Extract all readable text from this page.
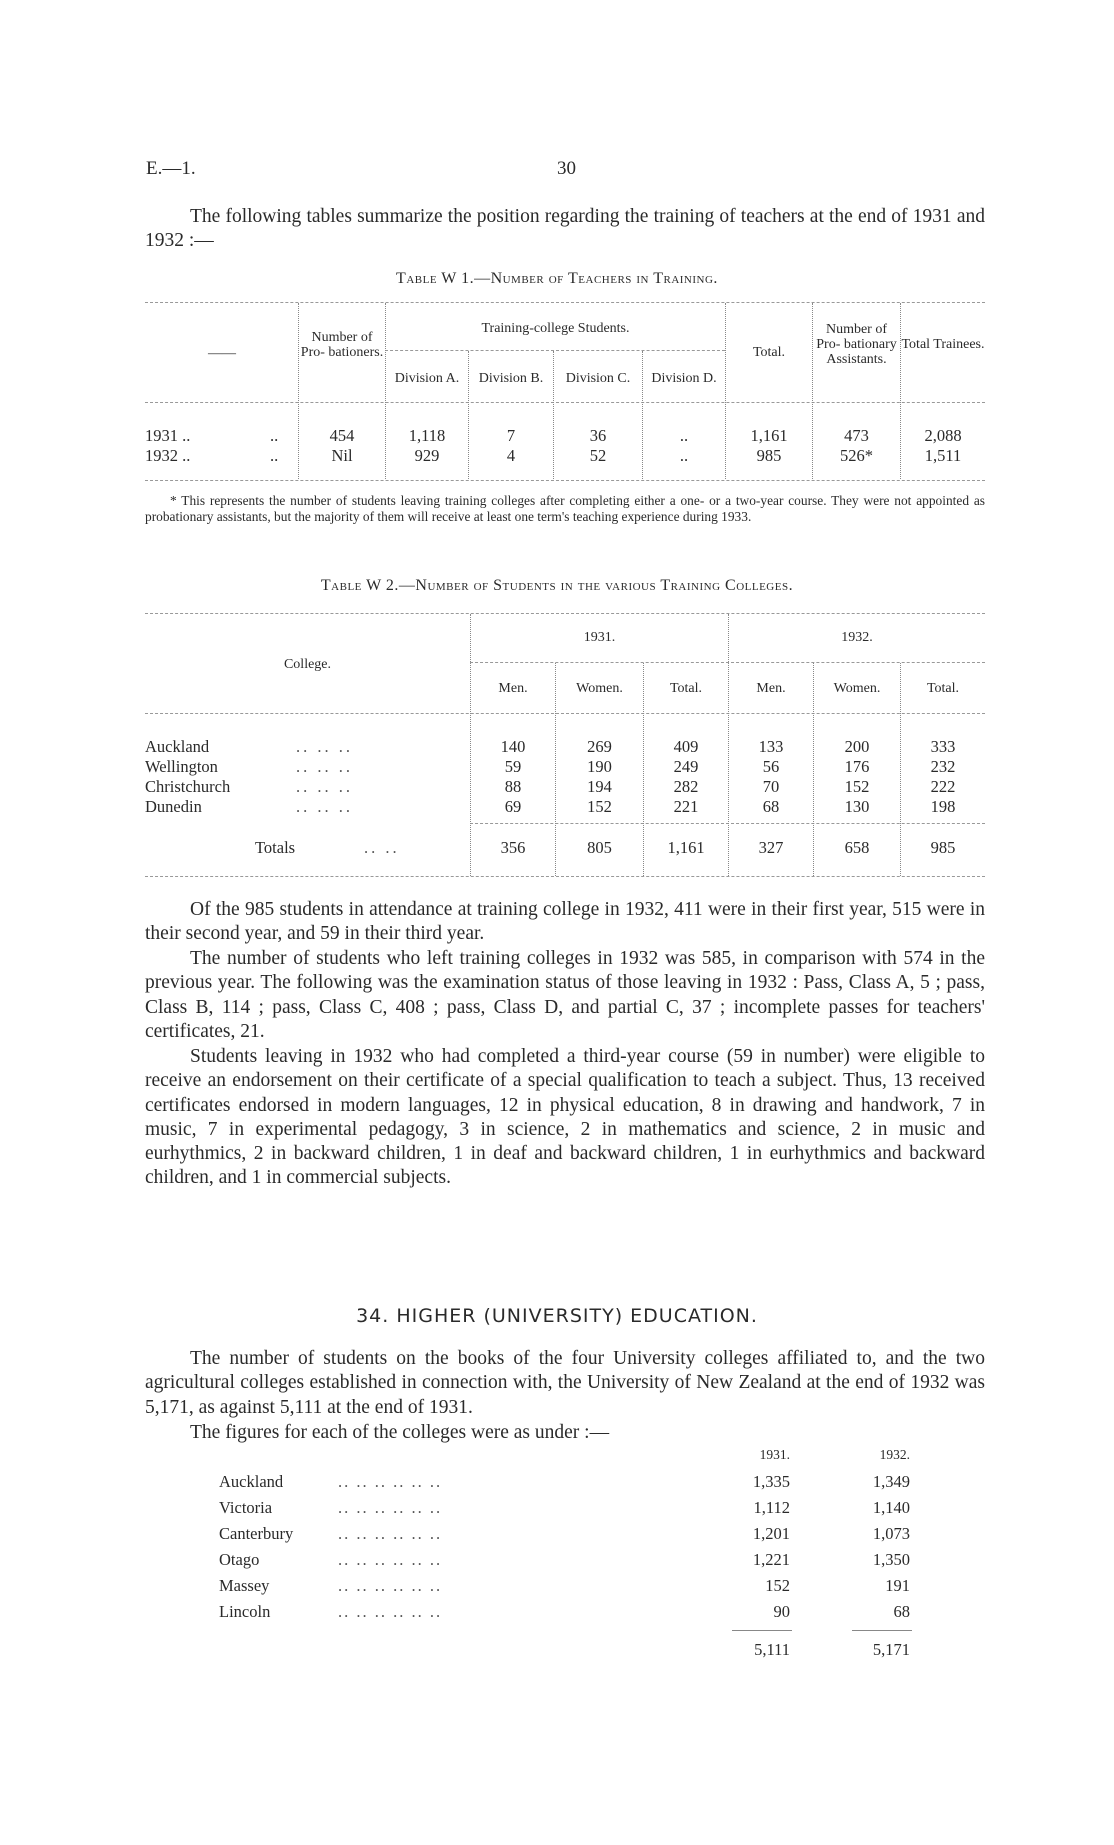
E.—1.	30
The following tables summarize the position regarding the training of teachers at the end of 1931 and 1932 :—
Table W 1.—Number of Teachers in Training.
——
Number of Pro- bationers.
Training-college Students.
Division A.	Division B.	Division C.	Division D.
Total.
Number of Pro- bationary Assistants.
Total Trainees.
1931 ..	..	454	1,118	7	36	..	1,161	473	2,088
1932 ..	..	Nil	929	4	52	..	985	526*	1,511

* This represents the number of students leaving training colleges after completing either a one- or a two-year course. They were not appointed as probationary assistants, but the majority of them will receive at least one term's teaching experience during 1933.

Table W 2.—Number of Students in the various Training Colleges.
College.
1931.	1932.
Men.	Women.	Total.	Men.	Women.	Total.
Auckland	.. .. ..	140	269	409	133	200	333
Wellington	.. .. ..	59	190	249	56	176	232
Christchurch	.. .. ..	88	194	282	70	152	222
Dunedin	.. .. ..	69	152	221	68	130	198
Totals	.. ..	356	805	1,161	327	658	985
Of the 985 students in attendance at training college in 1932, 411 were in their first year, 515 were in their second year, and 59 in their third year.
The number of students who left training colleges in 1932 was 585, in comparison with 574 in the previous year. The following was the examination status of those leaving in 1932 : Pass, Class A, 5 ; pass, Class B, 114 ; pass, Class C, 408 ; pass, Class D, and partial C, 37 ; incomplete passes for teachers' certificates, 21.
Students leaving in 1932 who had completed a third-year course (59 in number) were eligible to receive an endorsement on their certificate of a special qualification to teach a subject. Thus, 13 received certificates endorsed in modern languages, 12 in physical education, 8 in drawing and handwork, 7 in music, 7 in experimental pedagogy, 3 in science, 2 in mathematics and science, 2 in music and eurhythmics, 2 in backward children, 1 in deaf and backward children, 1 in eurhythmics and backward children, and 1 in commercial subjects.
34. HIGHER (UNIVERSITY) EDUCATION.
The number of students on the books of the four University colleges affiliated to, and the two agricultural colleges established in connection with, the University of New Zealand at the end of 1932 was 5,171, as against 5,111 at the end of 1931.
The figures for each of the colleges were as under :—
1931.	1932.
Auckland	.. .. .. .. .. ..	1,335	1,349
Victoria	.. .. .. .. .. ..	1,112	1,140
Canterbury	.. .. .. .. .. ..	1,201	1,073
Otago	.. .. .. .. .. ..	1,221	1,350
Massey	.. .. .. .. .. ..	152	191
Lincoln	.. .. .. .. .. ..	90	68
5,111	5,171
